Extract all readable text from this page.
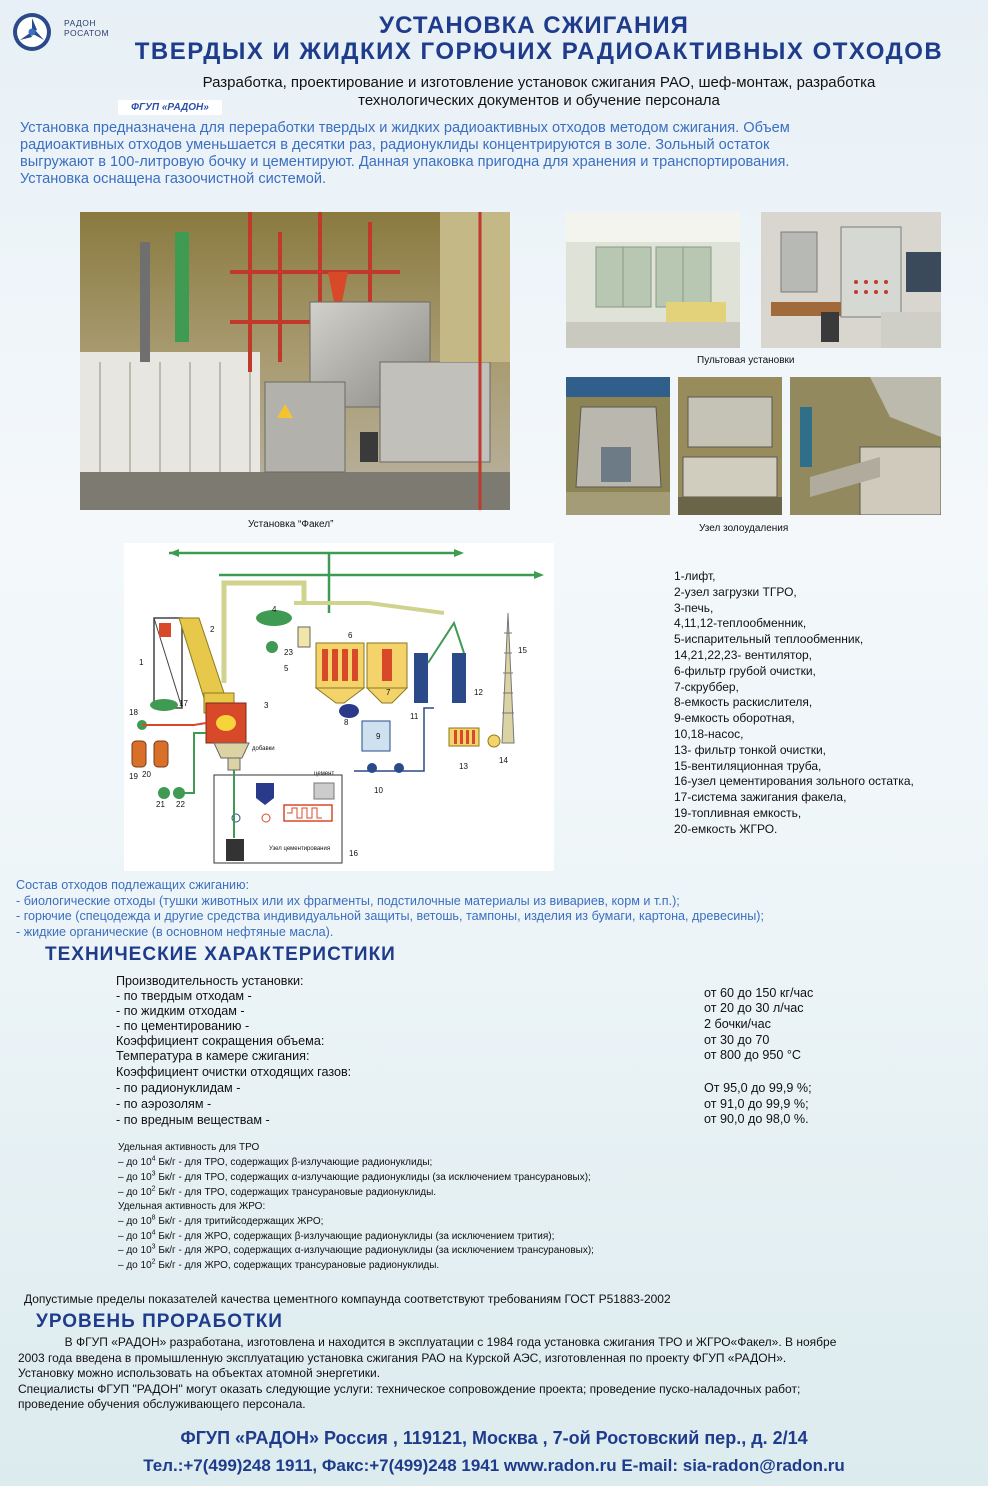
РАДОН
РОСАТОМ	УСТАНОВКА СЖИГАНИЯ
ТВЕРДЫХ И ЖИДКИХ ГОРЮЧИХ РАДИОАКТИВНЫХ ОТХОДОВ
Разработка, проектирование и изготовление установок сжигания РАО, шеф-монтаж, разработка
технологических документов и обучение персонала
ФГУП «РАДОН»
Установка предназначена для переработки твердых и жидких радиоактивных отходов методом сжигания. Объем
радиоактивных отходов уменьшается в десятки раз, радионуклиды концентрируются в золе. Зольный остаток
выгружают в 100-литровую бочку и цементируют. Данная упаковка пригодна для хранения и транспортирования.
Установка оснащена газоочистной системой.
Установка “Факел”
Пультовая установки
Узел золоудаления
1
2
3
добавки
4
23
5
6
7
8
9
11
12
13
14
15
10
17
18
19 20
21 22
цемент
Узел цементирования 16
1-лифт,
2-узел загрузки ТГРО,
3-печь,
4,11,12-теплообменник,
5-испарительный теплообменник,
14,21,22,23- вентилятор,
6-фильтр грубой очистки,
7-скруббер,
8-емкость раскислителя,
9-емкость оборотная,
10,18-насос,
13- фильтр тонкой очистки,
15-вентиляционная труба,
16-узел цементирования зольного остатка,
17-система зажигания факела,
19-топливная емкость,
20-емкость ЖГРО.
Состав отходов подлежащих сжиганию:
- биологические отходы (тушки животных или их фрагменты, подстилочные материалы из вивариев, корм и т.п.);
- горючие (спецодежда и другие средства индивидуальной защиты, ветошь, тампоны, изделия из бумаги, картона, древесины);
- жидкие органические (в основном нефтяные масла).
ТЕХНИЧЕСКИЕ ХАРАКТЕРИСТИКИ
Производительность установки:
- по твердым отходам -	от 60 до 150 кг/час
- по жидким отходам -	от 20 до 30 л/час
- по цементированию -	2 бочки/час
Коэффициент сокращения объема:	от 30 до 70
Температура в камере сжигания:	от 800 до 950 °С
Коэффициент очистки отходящих газов:
- по радионуклидам -	От 95,0 до 99,9 %;
- по аэрозолям -	от 91,0 до 99,9 %;
- по вредным веществам -	от 90,0 до 98,0 %.
Удельная активность для ТРО
– до $10^4$ Бк/г - для ТРО, содержащих β-излучающие радионуклиды;
– до $10^3$ Бк/г - для ТРО, содержащих α-излучающие радионуклиды (за исключением трансурановых);
– до $10^2$ Бк/г - для ТРО, содержащих трансурановые радионуклиды.
Удельная активность для ЖРО:
– до $10^8$ Бк/г - для тритийсодержащих ЖРО;
– до $10^4$ Бк/г - для ЖРО, содержащих β-излучающие радионуклиды (за исключением трития);
– до $10^3$ Бк/г - для ЖРО, содержащих α-излучающие радионуклиды (за исключением трансурановых);
– до $10^2$ Бк/г - для ЖРО, содержащих трансурановые радионуклиды.
Допустимые пределы показателей качества цементного компаунда соответствуют требованиям ГОСТ Р51883-2002
УРОВЕНЬ ПРОРАБОТКИ
В ФГУП «РАДОН» разработана, изготовлена и находится в эксплуатации с 1984 года установка сжигания ТРО и ЖГРО«Факел». В ноябре
2003 года введена в промышленную эксплуатацию установка сжигания РАО на Курской АЭС, изготовленная по проекту ФГУП «РАДОН».
Установку можно использовать на объектах атомной энергетики.
Специалисты ФГУП "РАДОН" могут оказать следующие услуги: техническое сопровождение проекта; проведение пуско-наладочных работ;
проведение обучения обслуживающего персонала.
ФГУП «РАДОН» Россия , 119121, Москва , 7-ой Ростовский пер., д. 2/14
Тел.:+7(499)248 1911, Факс:+7(499)248 1941 www.radon.ru E-mail: sia-radon@radon.ru
